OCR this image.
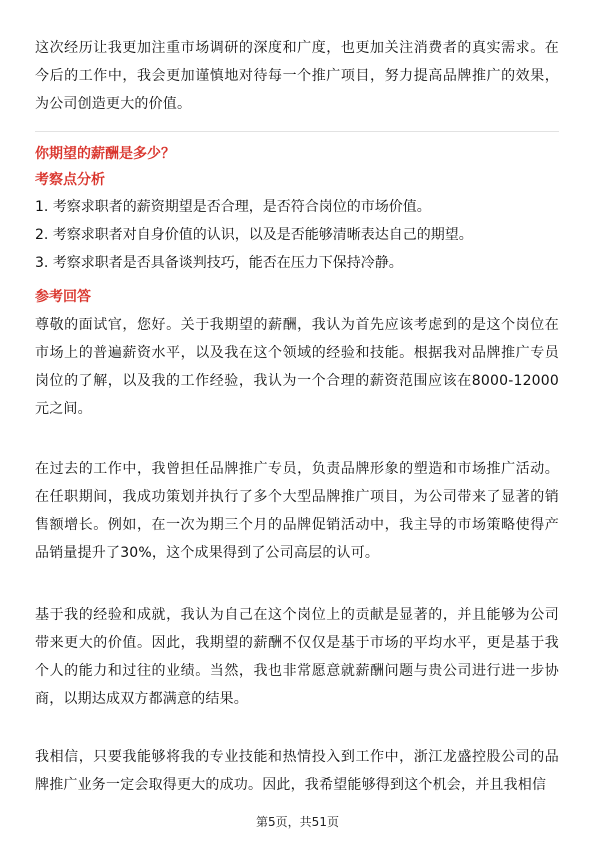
这次经历让我更加注重市场调研的深度和广度，也更加关注消费者的真实需求。在今后的工作中，我会更加谨慎地对待每一个推广项目，努力提高品牌推广的效果，为公司创造更大的价值。

你期望的薪酬是多少？

考察点分析

1. 考察求职者的薪资期望是否合理，是否符合岗位的市场价值。

2. 考察求职者对自身价值的认识，以及是否能够清晰表达自己的期望。

3. 考察求职者是否具备谈判技巧，能否在压力下保持冷静。

参考回答

尊敬的面试官，您好。关于我期望的薪酬，我认为首先应该考虑到的是这个岗位在市场上的普遍薪资水平，以及我在这个领域的经验和技能。根据我对品牌推广专员岗位的了解，以及我的工作经验，我认为一个合理的薪资范围应该在8000-12000元之间。

在过去的工作中，我曾担任品牌推广专员，负责品牌形象的塑造和市场推广活动。在任职期间，我成功策划并执行了多个大型品牌推广项目，为公司带来了显著的销售额增长。例如，在一次为期三个月的品牌促销活动中，我主导的市场策略使得产品销量提升了30%，这个成果得到了公司高层的认可。

基于我的经验和成就，我认为自己在这个岗位上的贡献是显著的，并且能够为公司带来更大的价值。因此，我期望的薪酬不仅仅是基于市场的平均水平，更是基于我个人的能力和过往的业绩。当然，我也非常愿意就薪酬问题与贵公司进行进一步协商，以期达成双方都满意的结果。

我相信，只要我能够将我的专业技能和热情投入到工作中，浙江龙盛控股公司的品牌推广业务一定会取得更大的成功。因此，我希望能够得到这个机会，并且我相信

第5页，共51页
